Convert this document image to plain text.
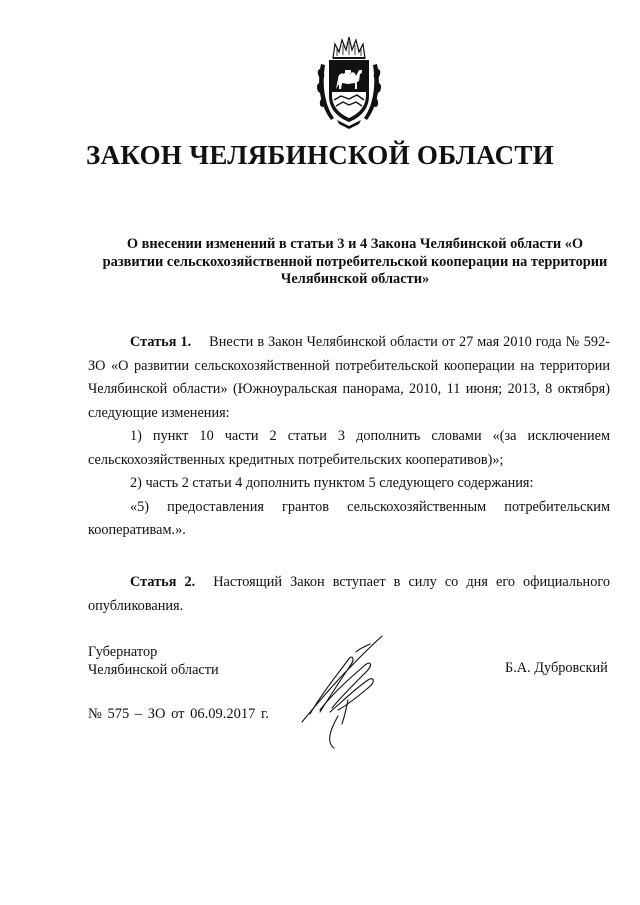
ЗАКОН ЧЕЛЯБИНСКОЙ ОБЛАСТИ

О внесении изменений в статьи 3 и 4 Закона Челябинской области «О развитии сельскохозяйственной потребительской кооперации на территории Челябинской области»

Статья 1. Внести в Закон Челябинской области от 27 мая 2010 года № 592-ЗО «О развитии сельскохозяйственной потребительской кооперации на территории Челябинской области» (Южноуральская панорама, 2010, 11 июня; 2013, 8 октября) следующие изменения:

1) пункт 10 части 2 статьи 3 дополнить словами «(за исключением сельскохозяйственных кредитных потребительских кооперативов)»;

2) часть 2 статьи 4 дополнить пунктом 5 следующего содержания:

«5) предоставления грантов сельскохозяйственным потребительским кооперативам.».

Статья 2. Настоящий Закон вступает в силу со дня его официального опубликования.

Губернатор
Челябинской области	Б.А. Дубровский
№ 575 – ЗО от 06.09.2017 г.
